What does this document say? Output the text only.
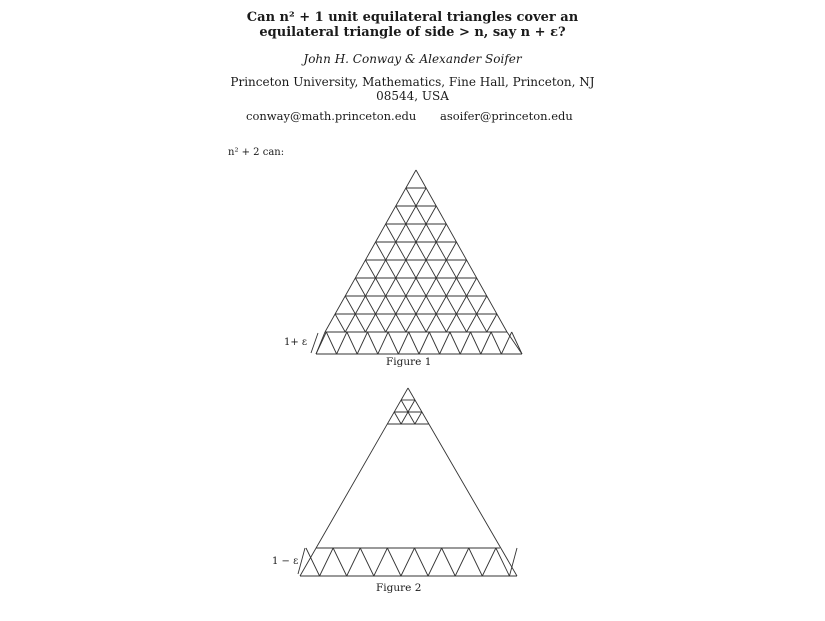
Can n² + 1 unit equilateral triangles cover an
equilateral triangle of side > n, say n + ε?
John H. Conway & Alexander Soifer
Princeton University, Mathematics, Fine Hall, Princeton, NJ
08544, USA
conway@math.princeton.edu asoifer@princeton.edu
n² + 2 can:
1+ ε
Figure 1
1 − ε
Figure 2
